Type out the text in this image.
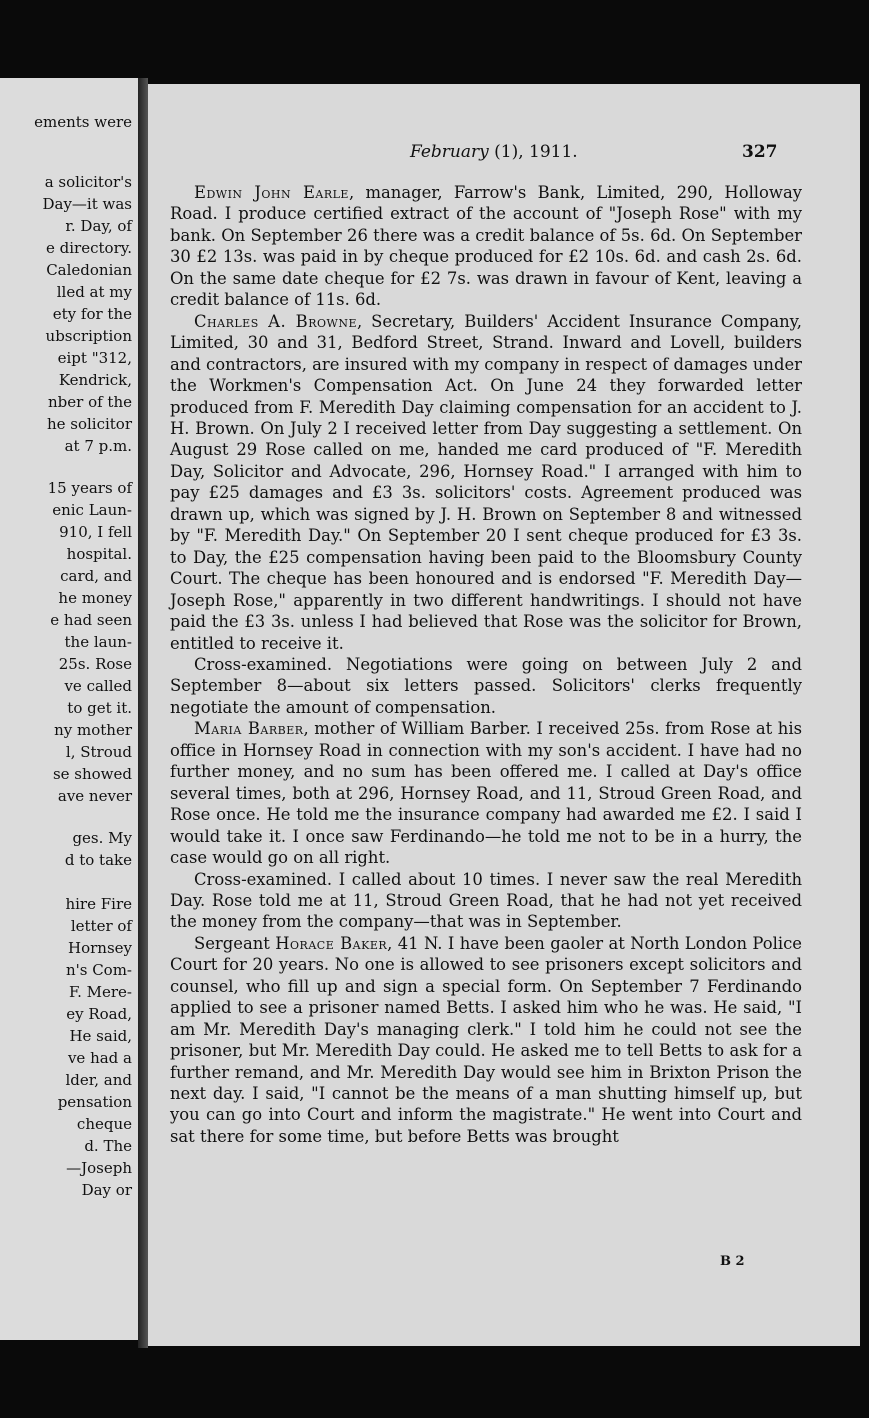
ements were
a solicitor's
Day—it was
r. Day, of
e directory.
Caledonian
lled at my
ety for the
ubscription
eipt "312,
Kendrick,
nber of the
he solicitor
at 7 p.m.
15 years of
enic Laun-
910, I fell
hospital.
card, and
he money
e had seen
the laun-
25s. Rose
ve called
to get it.
ny mother
l, Stroud
se showed
ave never
ges. My
d to take
hire Fire
letter of
Hornsey
n's Com-
F. Mere-
ey Road,
He said,
ve had a
lder, and
pensation
cheque
d. The
—Joseph
Day or
February (1), 1911.	327

Edwin John Earle, manager, Farrow's Bank, Limited, 290, Holloway Road. I produce certified extract of the account of "Joseph Rose" with my bank. On September 26 there was a credit balance of 5s. 6d. On September 30 £2 13s. was paid in by cheque produced for £2 10s. 6d. and cash 2s. 6d. On the same date cheque for £2 7s. was drawn in favour of Kent, leaving a credit balance of 11s. 6d.

Charles A. Browne, Secretary, Builders' Accident Insurance Company, Limited, 30 and 31, Bedford Street, Strand. Inward and Lovell, builders and contractors, are insured with my company in respect of damages under the Workmen's Compensation Act. On June 24 they forwarded letter produced from F. Meredith Day claiming compensation for an accident to J. H. Brown. On July 2 I received letter from Day suggesting a settlement. On August 29 Rose called on me, handed me card produced of "F. Meredith Day, Solicitor and Advocate, 296, Hornsey Road." I arranged with him to pay £25 damages and £3 3s. solicitors' costs. Agreement produced was drawn up, which was signed by J. H. Brown on September 8 and witnessed by "F. Meredith Day." On September 20 I sent cheque produced for £3 3s. to Day, the £25 compensation having been paid to the Bloomsbury County Court. The cheque has been honoured and is endorsed "F. Meredith Day—Joseph Rose," apparently in two different handwritings. I should not have paid the £3 3s. unless I had believed that Rose was the solicitor for Brown, entitled to receive it.

Cross-examined. Negotiations were going on between July 2 and September 8—about six letters passed. Solicitors' clerks frequently negotiate the amount of compensation.

Maria Barber, mother of William Barber. I received 25s. from Rose at his office in Hornsey Road in connection with my son's accident. I have had no further money, and no sum has been offered me. I called at Day's office several times, both at 296, Hornsey Road, and 11, Stroud Green Road, and Rose once. He told me the insurance company had awarded me £2. I said I would take it. I once saw Ferdinando—he told me not to be in a hurry, the case would go on all right.

Cross-examined. I called about 10 times. I never saw the real Meredith Day. Rose told me at 11, Stroud Green Road, that he had not yet received the money from the company—that was in September.

Sergeant Horace Baker, 41 N. I have been gaoler at North London Police Court for 20 years. No one is allowed to see prisoners except solicitors and counsel, who fill up and sign a special form. On September 7 Ferdinando applied to see a prisoner named Betts. I asked him who he was. He said, "I am Mr. Meredith Day's managing clerk." I told him he could not see the prisoner, but Mr. Meredith Day could. He asked me to tell Betts to ask for a further remand, and Mr. Meredith Day would see him in Brixton Prison the next day. I said, "I cannot be the means of a man shutting himself up, but you can go into Court and inform the magistrate." He went into Court and sat there for some time, but before Betts was brought

B 2
